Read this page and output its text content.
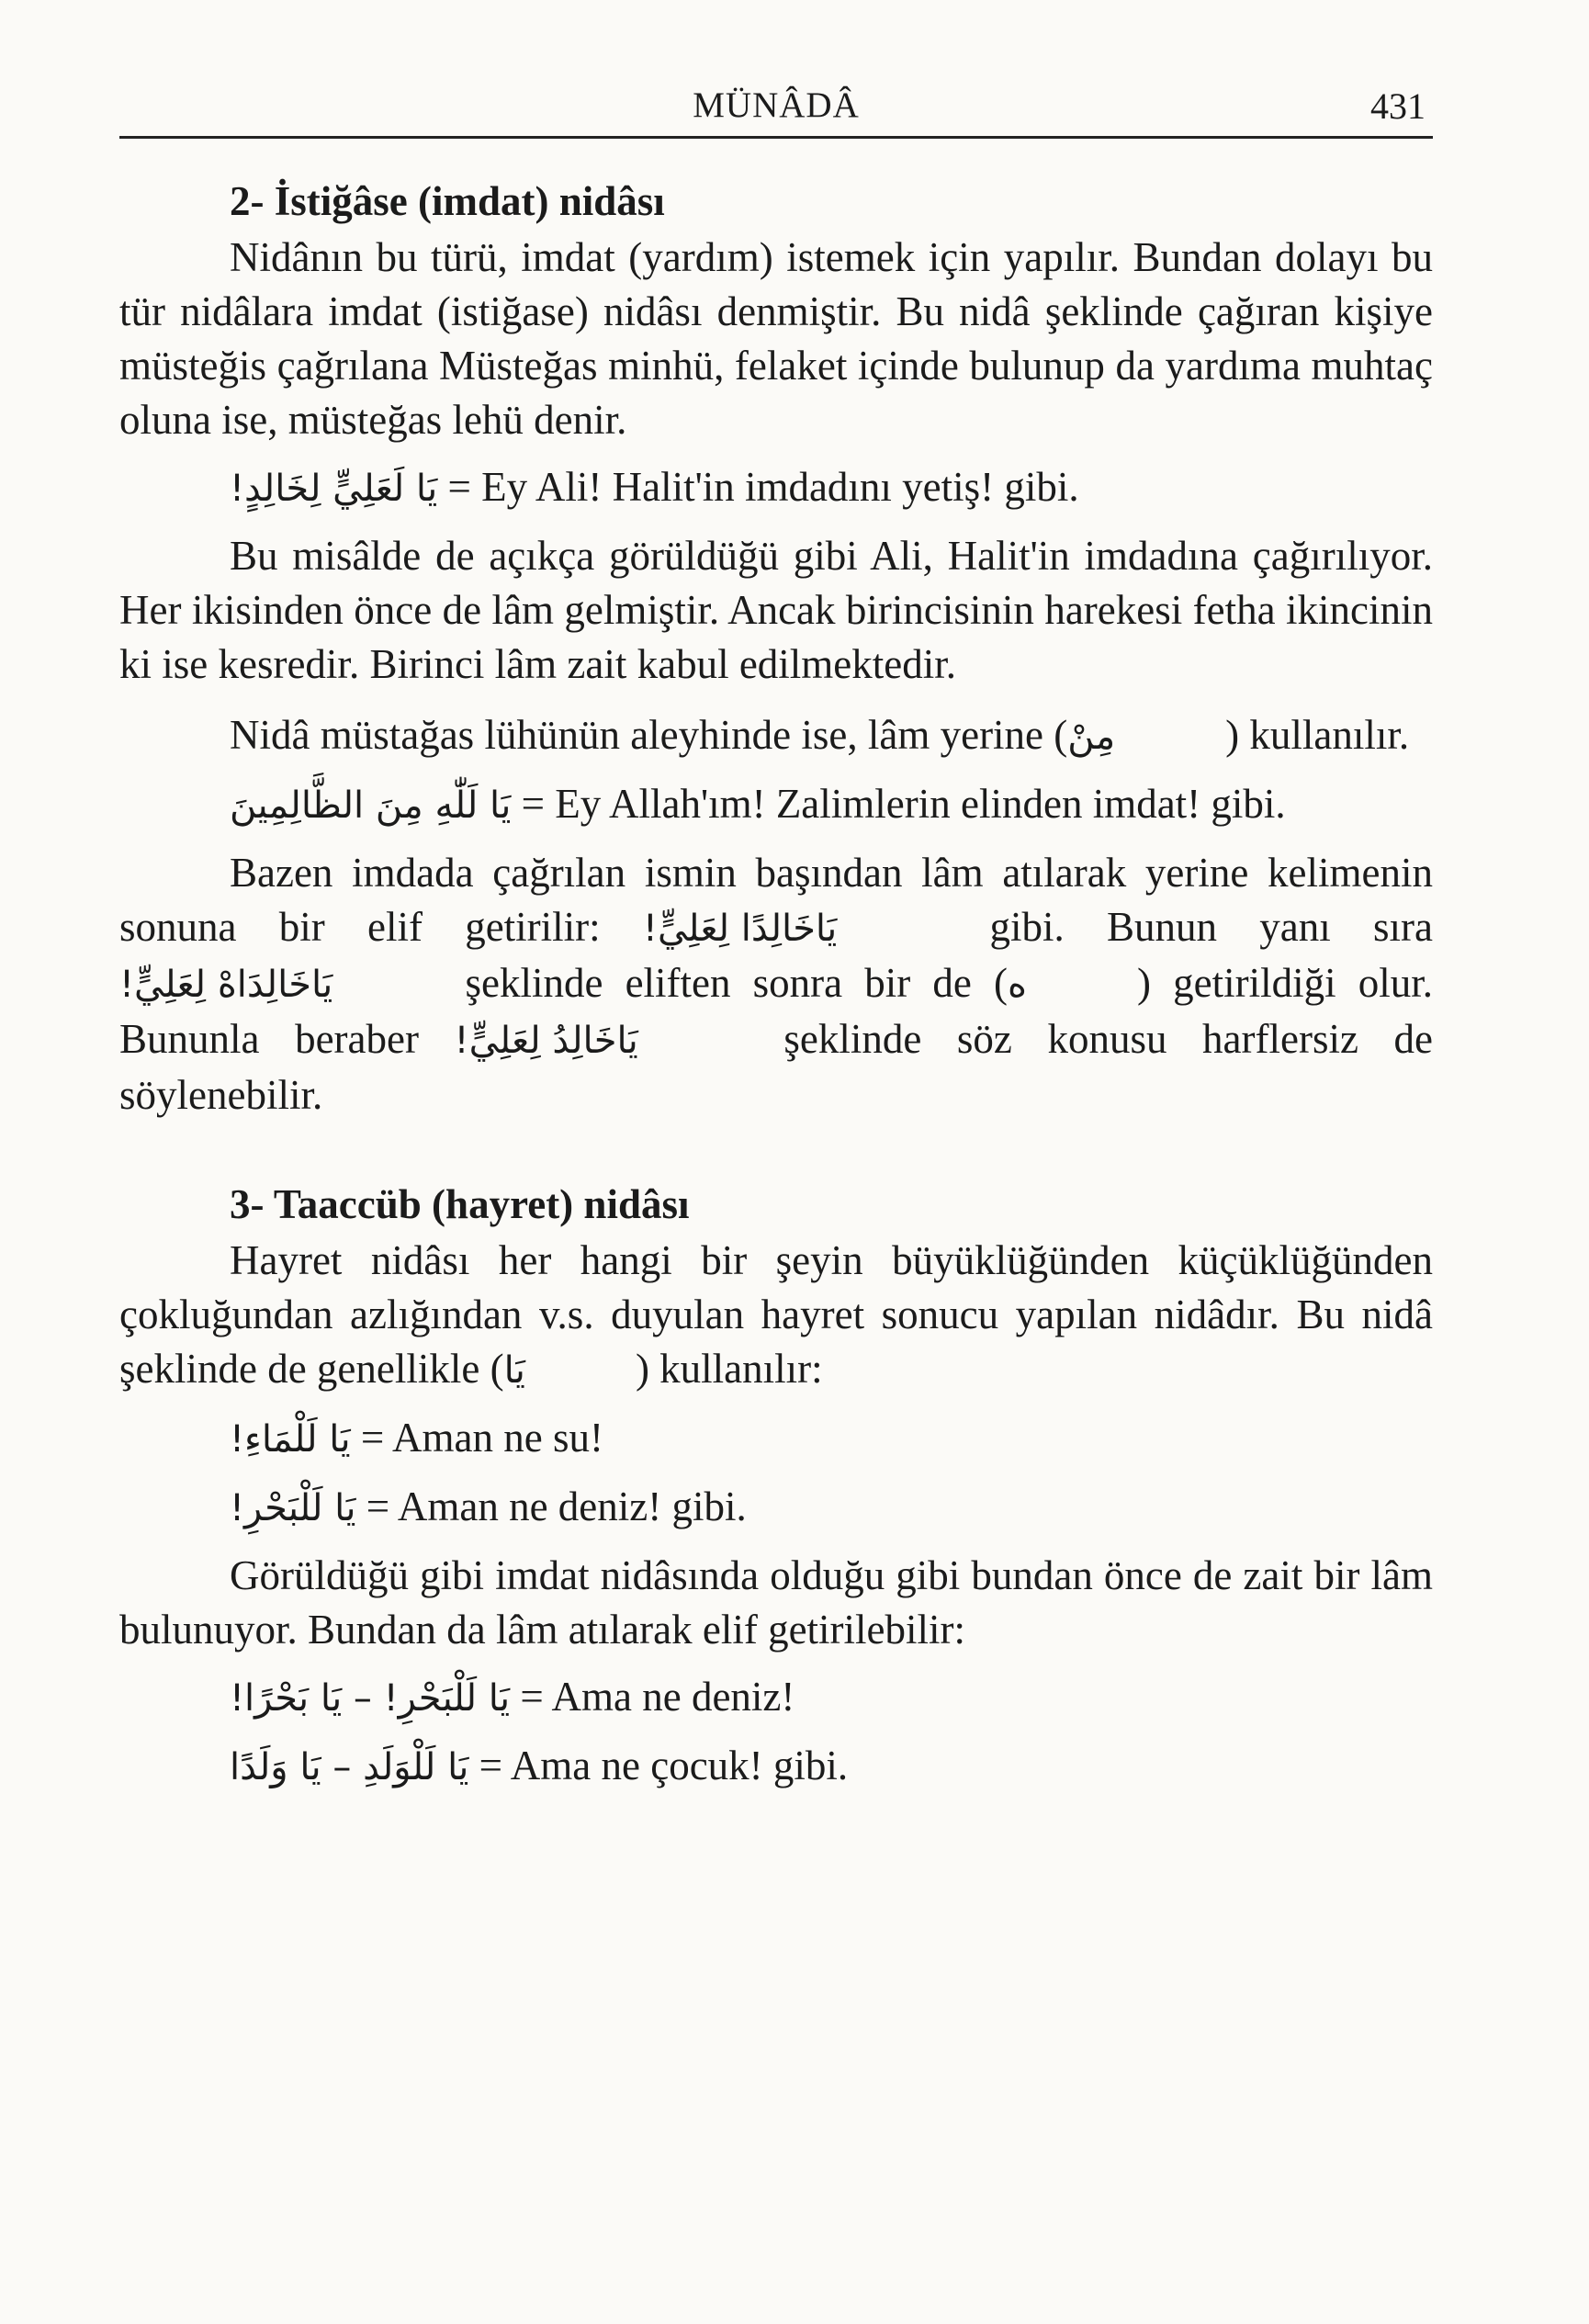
MÜNÂDÂ	431
2- İstiğâse (imdat) nidâsı

Nidânın bu türü, imdat (yardım) istemek için yapılır. Bundan dolayı bu tür nidâlara imdat (istiğase) nidâsı denmiştir. Bu nidâ şeklinde çağıran kişiye müsteğis çağrılana Müsteğas minhü, felaket içinde bulunup da yardıma muhtaç oluna ise, müsteğas lehü denir.

يَا لَعَلِيٍّ لِخَالِدٍ! = Ey Ali! Halit'in imdadını yetiş! gibi.

Bu misâlde de açıkça görüldüğü gibi Ali, Halit'in imdadına çağırılıyor. Her ikisinden önce de lâm gelmiştir. Ancak birincisinin harekesi fetha ikincinin ki ise kesredir. Birinci lâm zait kabul edilmektedir.

Nidâ müstağas lühünün aleyhinde ise, lâm yerine (مِنْ	) kullanılır.

يَا لَلّٰهِ مِنَ الظَّالِمِينَ = Ey Allah'ım! Zalimlerin elinden imdat! gibi.

Bazen imdada çağrılan ismin başından lâm atılarak yerine kelimenin sonuna bir elif getirilir: يَاخَالِدًا لِعَلِيٍّ!	gibi. Bunun yanı sıra يَاخَالِدَاهْ لِعَلِيٍّ!	şeklinde eliften sonra bir de (ه	) getirildiği olur. Bununla beraber يَاخَالِدُ لِعَلِيٍّ!	şeklinde söz konusu harflersiz de söylenebilir.

3- Taaccüb (hayret) nidâsı

Hayret nidâsı her hangi bir şeyin büyüklüğünden küçüklüğünden çokluğundan azlığından v.s. duyulan hayret sonucu yapılan nidâdır. Bu nidâ şeklinde de genellikle (يَا	) kullanılır:

يَا لَلْمَاءِ! = Aman ne su!
يَا لَلْبَحْرِ! = Aman ne deniz! gibi.

Görüldüğü gibi imdat nidâsında olduğu gibi bundan önce de zait bir lâm bulunuyor. Bundan da lâm atılarak elif getirilebilir:

يَا لَلْبَحْرِ! – يَا بَحْرًا! = Ama ne deniz!
يَا لَلْوَلَدِ – يَا وَلَدًا = Ama ne çocuk! gibi.
